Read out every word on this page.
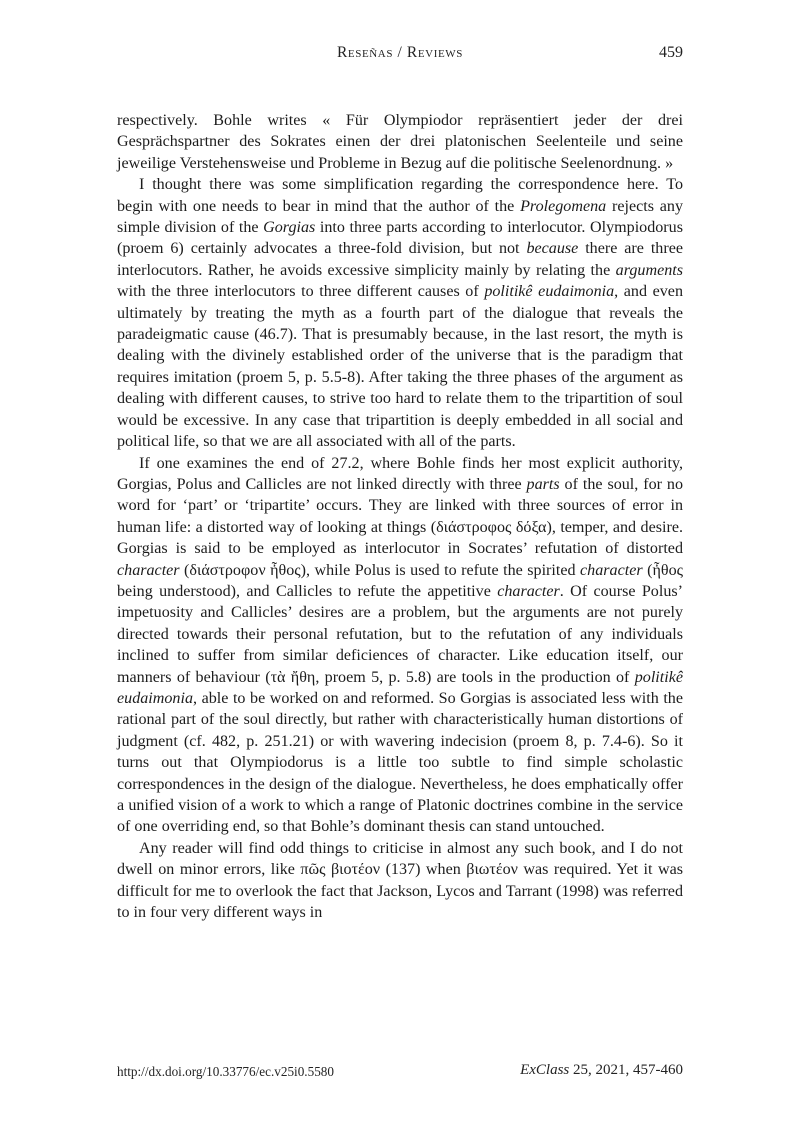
Reseñas / Reviews	459

respectively. Bohle writes « Für Olympiodor repräsentiert jeder der drei Gesprächspartner des Sokrates einen der drei platonischen Seelenteile und seine jeweilige Verstehensweise und Probleme in Bezug auf die politische Seelenordnung. »

I thought there was some simplification regarding the correspondence here. To begin with one needs to bear in mind that the author of the Prolegomena rejects any simple division of the Gorgias into three parts according to interlocutor. Olympiodorus (proem 6) certainly advocates a three-fold division, but not because there are three interlocutors. Rather, he avoids excessive simplicity mainly by relating the arguments with the three interlocutors to three different causes of politikê eudaimonia, and even ultimately by treating the myth as a fourth part of the dialogue that reveals the paradeigmatic cause (46.7). That is presumably because, in the last resort, the myth is dealing with the divinely established order of the universe that is the paradigm that requires imitation (proem 5, p. 5.5-8). After taking the three phases of the argument as dealing with different causes, to strive too hard to relate them to the tripartition of soul would be excessive. In any case that tripartition is deeply embedded in all social and political life, so that we are all associated with all of the parts.

If one examines the end of 27.2, where Bohle finds her most explicit authority, Gorgias, Polus and Callicles are not linked directly with three parts of the soul, for no word for ‘part’ or ‘tripartite’ occurs. They are linked with three sources of error in human life: a distorted way of looking at things (διάστροφος δόξα), temper, and desire. Gorgias is said to be employed as interlocutor in Socrates’ refutation of distorted character (διάστροφον ἦθος), while Polus is used to refute the spirited character (ἦθος being understood), and Callicles to refute the appetitive character. Of course Polus’ impetuosity and Callicles’ desires are a problem, but the arguments are not purely directed towards their personal refutation, but to the refutation of any individuals inclined to suffer from similar deficiences of character. Like education itself, our manners of behaviour (τὰ ἤθη, proem 5, p. 5.8) are tools in the production of politikê eudaimonia, able to be worked on and reformed. So Gorgias is associated less with the rational part of the soul directly, but rather with characteristically human distortions of judgment (cf. 482, p. 251.21) or with wavering indecision (proem 8, p. 7.4-6). So it turns out that Olympiodorus is a little too subtle to find simple scholastic correspondences in the design of the dialogue. Nevertheless, he does emphatically offer a unified vision of a work to which a range of Platonic doctrines combine in the service of one overriding end, so that Bohle’s dominant thesis can stand untouched.

Any reader will find odd things to criticise in almost any such book, and I do not dwell on minor errors, like πῶς βιοτέον (137) when βιωτέον was required. Yet it was difficult for me to overlook the fact that Jackson, Lycos and Tarrant (1998) was referred to in four very different ways in

http://dx.doi.org/10.33776/ec.v25i0.5580	ExClass 25, 2021, 457-460
